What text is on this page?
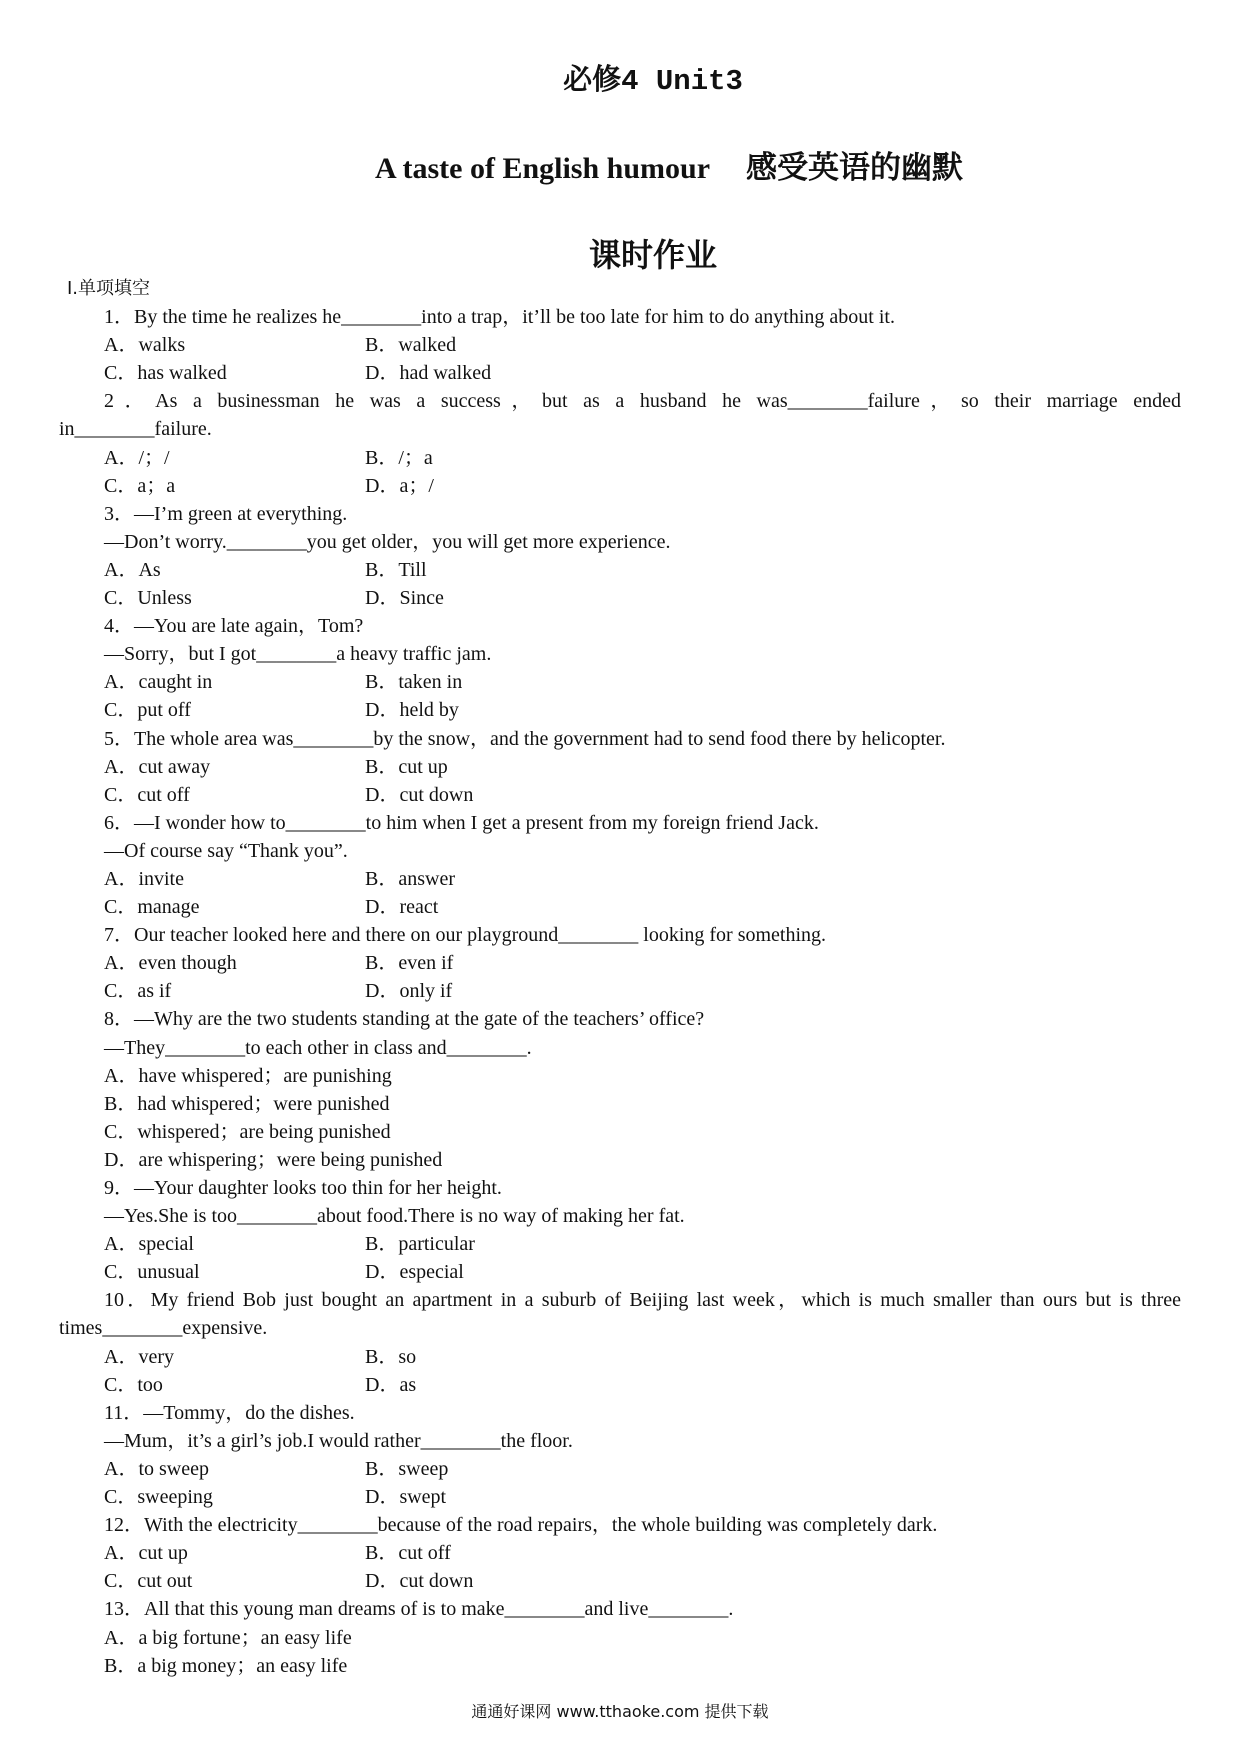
必修4 Unit3
A taste of English humour 感受英语的幽默
课时作业
Ⅰ.单项填空
1．By the time he realizes he________into a trap，it’ll be too late for him to do anything about it.
A．walks	B．walked
C．has walked	D．had walked
2．As a businessman he was a success，but as a husband he was________failure，so their marriage ended
in________failure.
A．/；/	B．/；a
C．a；a	D．a；/
3．—I’m green at everything.
—Don’t worry.________you get older，you will get more experience.
A．As	B．Till
C．Unless	D．Since
4．—You are late again，Tom?
—Sorry，but I got________a heavy traffic jam.
A．caught in	B．taken in
C．put off	D．held by
5．The whole area was________by the snow，and the government had to send food there by helicopter.
A．cut away	B．cut up
C．cut off	D．cut down
6．—I wonder how to________to him when I get a present from my foreign friend Jack.
—Of course say “Thank you”.
A．invite	B．answer
C．manage	D．react
7．Our teacher looked here and there on our playground________ looking for something.
A．even though	B．even if
C．as if	D．only if
8．—Why are the two students standing at the gate of the teachers’ office?
—They________to each other in class and________.
A．have whispered；are punishing
B．had whispered；were punished
C．whispered；are being punished
D．are whispering；were being punished
9．—Your daughter looks too thin for her height.
—Yes.She is too________about food.There is no way of making her fat.
A．special	B．particular
C．unusual	D．especial
10．My friend Bob just bought an apartment in a suburb of Beijing last week，which is much smaller than ours but is three
times________expensive.
A．very	B．so
C．too	D．as
11．—Tommy，do the dishes.
—Mum，it’s a girl’s job.I would rather________the floor.
A．to sweep	B．sweep
C．sweeping	D．swept
12．With the electricity________because of the road repairs，the whole building was completely dark.
A．cut up	B．cut off
C．cut out	D．cut down
13．All that this young man dreams of is to make________and live________.
A．a big fortune；an easy life
B．a big money；an easy life
通通好课网 www.tthaoke.com 提供下载
